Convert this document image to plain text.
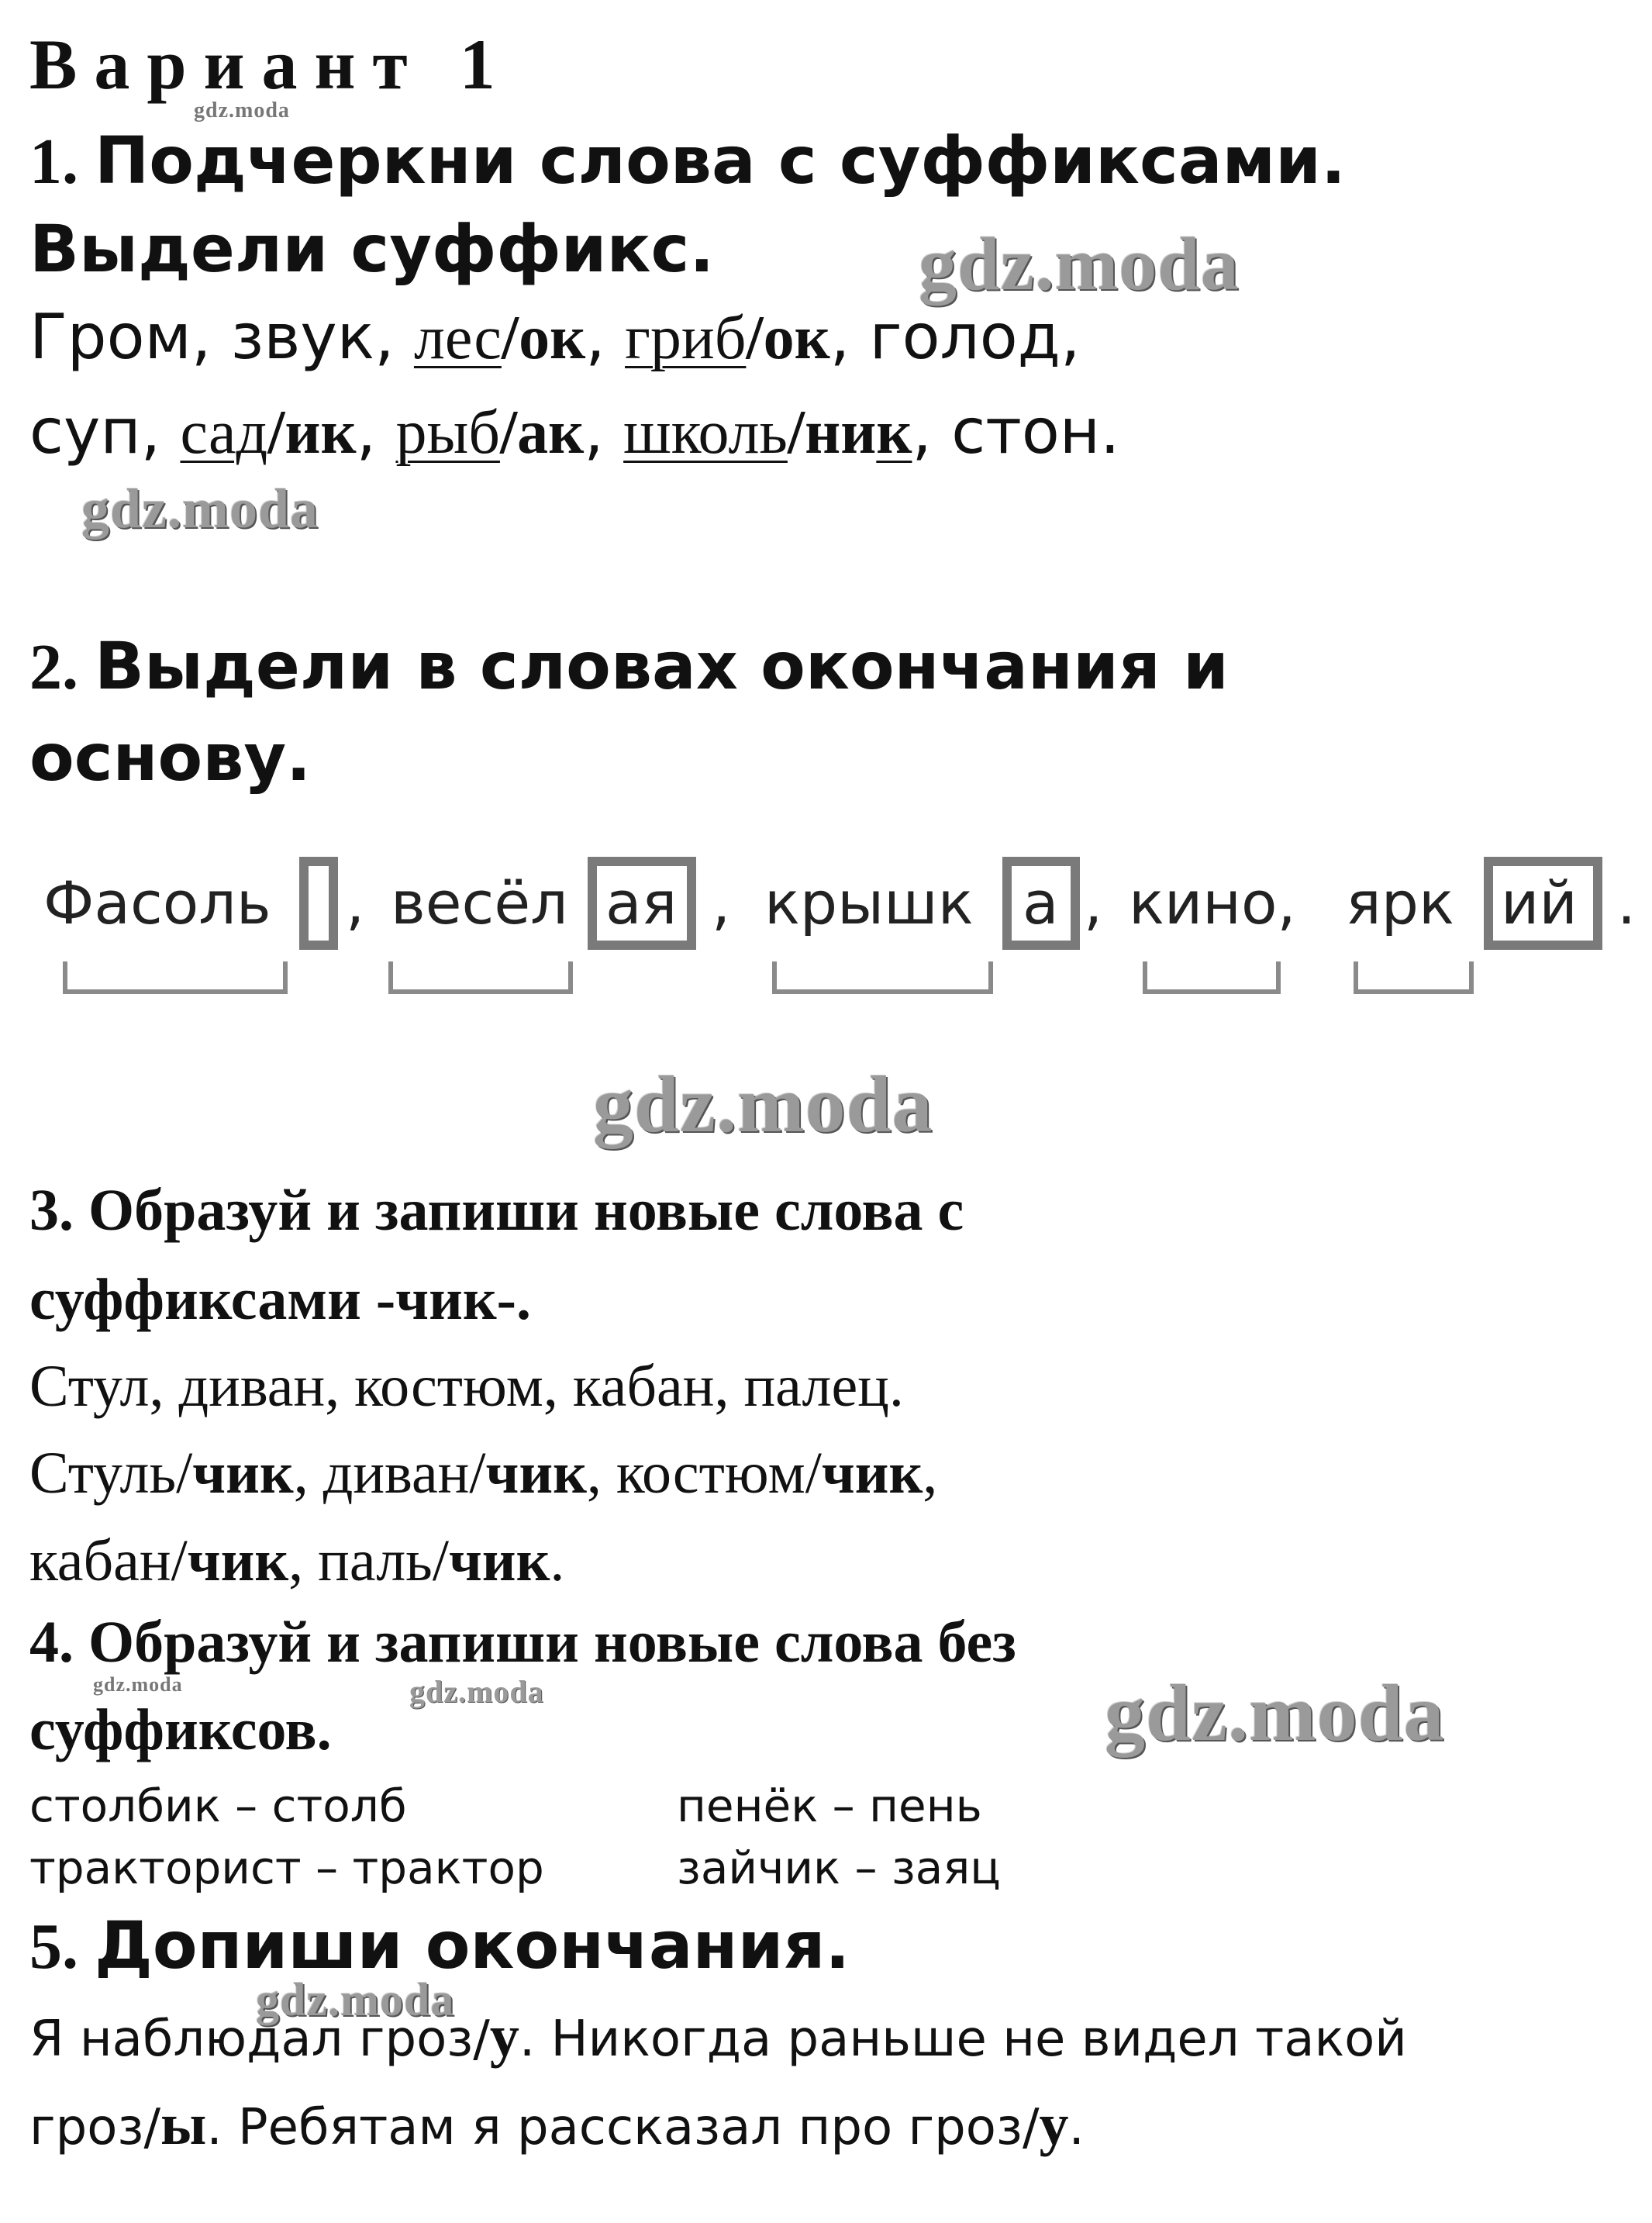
Вариант 1
gdz.moda
1. Подчеркни слова с суффиксами.
Выдели суффикс.	gdz.moda
Гром, звук, лес/ок, гриб/ок, голод,
суп, сад/ик, рыб/ак, школь/ник, стон.
gdz.moda
2. Выдели в словах окончания и
основу.
Фасоль , весёл ая , крышк а , кино, ярк ий .
gdz.moda
3. Образуй и запиши новые слова с
суффиксами -чик-.
Стул, диван, костюм, кабан, палец.
Стуль/чик, диван/чик, костюм/чик,
кабан/чик, паль/чик.
4. Образуй и запиши новые слова без
gdz.moda	gdz.moda
суффиксов.	gdz.moda
столбик – столб	пенёк – пень
тракторист – трактор	зайчик – заяц
5. Допиши окончания.
gdz.moda
Я наблюдал гроз/у. Никогда раньше не видел такой
гроз/ы. Ребятам я рассказал про гроз/у.
